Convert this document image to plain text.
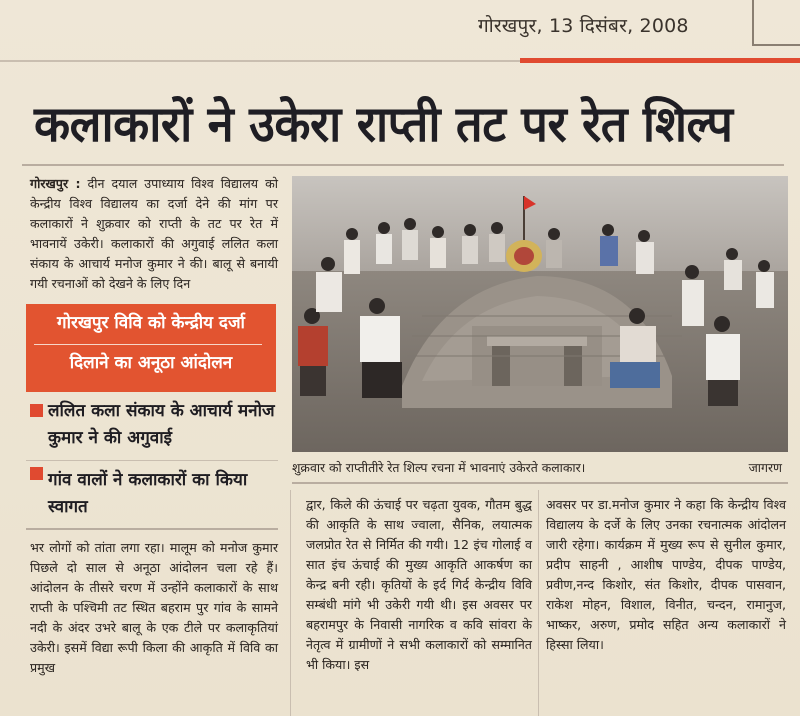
गोरखपुर, 13 दिसंबर, 2008
कलाकारों ने उकेरा राप्ती तट पर रेत शिल्प

गोरखपुर : दीन दयाल उपाध्याय विश्व विद्यालय को केन्द्रीय विश्व विद्यालय का दर्जा देने की मांग पर कलाकारों ने शुक्रवार को राप्ती के तट पर रेत में भावनायें उकेरी। कलाकारों की अगुवाई ललित कला संकाय के आचार्य मनोज कुमार ने की। बालू से बनायी गयी रचनाओं को देखने के लिए दिन

गोरखपुर विवि को केन्द्रीय दर्जा
दिलाने का अनूठा आंदोलन
ललित कला संकाय के आचार्य मनोज कुमार ने की अगुवाई
गांव वालों ने कलाकारों का किया स्वागत
शुक्रवार को राप्तीतीरे रेत शिल्प रचना में भावनाएं उकेरते कलाकार।	जागरण

भर लोगों को तांता लगा रहा। मालूम को मनोज कुमार पिछले दो साल से अनूठा आंदोलन चला रहे हैं। आंदोलन के तीसरे चरण में उन्होंने कलाकारों के साथ राप्ती के पश्चिमी तट स्थित बहराम पुर गांव के सामने नदी के अंदर उभरे बालू के एक टीले पर कलाकृतियां उकेरी। इसमें विद्या रूपी किला की आकृति में विवि का प्रमुख

द्वार, किले की ऊंचाई पर चढ़ता युवक, गौतम बुद्ध की आकृति के साथ ज्वाला, सैनिक, लयात्मक जलप्रोत रेत से निर्मित की गयी। 12 इंच गोलाई व सात इंच ऊंचाई की मुख्य आकृति आकर्षण का केन्द्र बनी रही। कृतियों के इर्द गिर्द केन्द्रीय विवि सम्बंधी मांगे भी उकेरी गयी थी। इस अवसर पर बहरामपुर के निवासी नागरिक व कवि सांवरा के नेतृत्व में ग्रामीणों ने सभी कलाकारों को सम्मानित भी किया। इस

अवसर पर डा.मनोज कुमार ने कहा कि केन्द्रीय विश्व विद्यालय के दर्जे के लिए उनका रचनात्मक आंदोलन जारी रहेगा। कार्यक्रम में मुख्य रूप से सुनील कुमार, प्रदीप साहनी , आशीष पाण्डेय, दीपक पाण्डेय, प्रवीण,नन्द किशोर, संत किशोर, दीपक पासवान, राकेश मोहन, विशाल, विनीत, चन्दन, रामानुज, भाष्कर, अरुण, प्रमोद सहित अन्य कलाकारों ने हिस्सा लिया।
